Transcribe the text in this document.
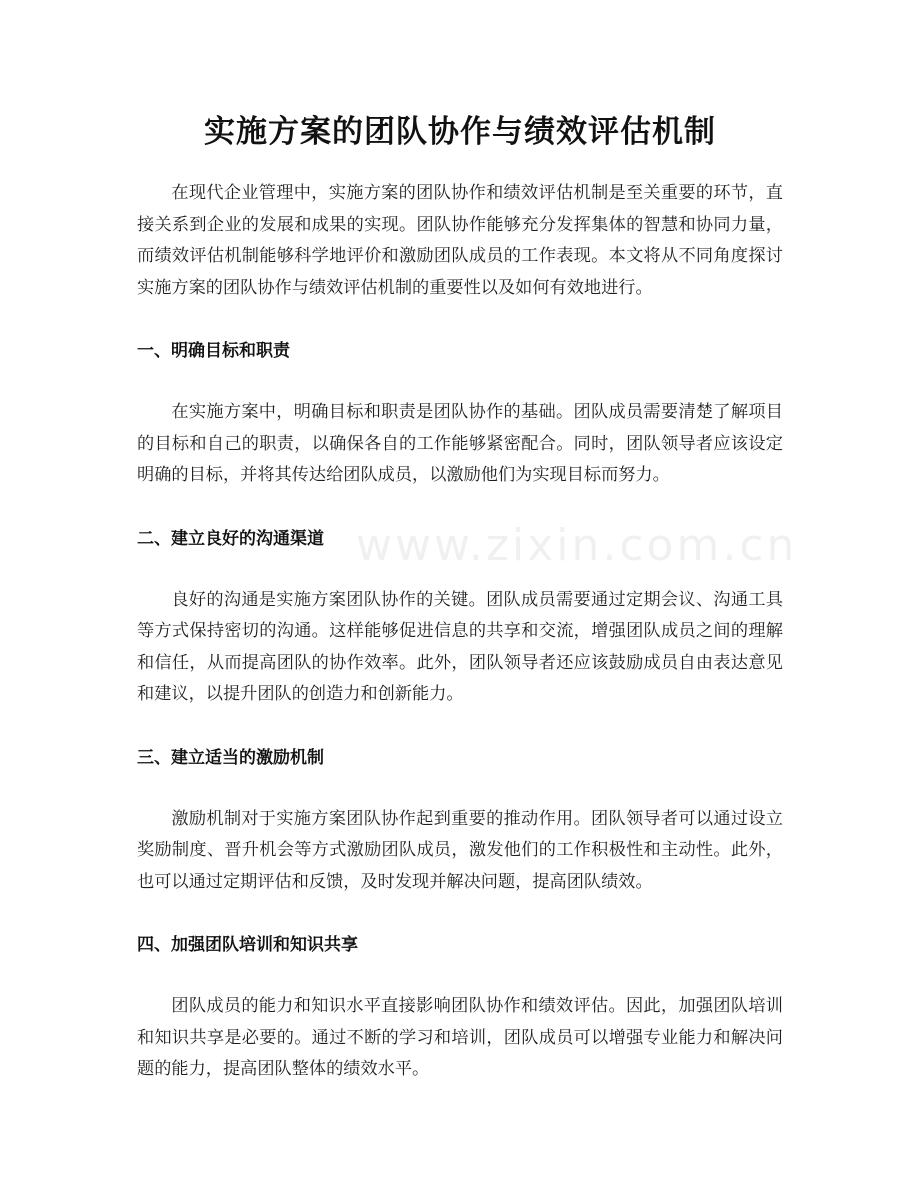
实施方案的团队协作与绩效评估机制

在现代企业管理中，实施方案的团队协作和绩效评估机制是至关重要的环节，直接关系到企业的发展和成果的实现。团队协作能够充分发挥集体的智慧和协同力量，而绩效评估机制能够科学地评价和激励团队成员的工作表现。本文将从不同角度探讨实施方案的团队协作与绩效评估机制的重要性以及如何有效地进行。

一、明确目标和职责

在实施方案中，明确目标和职责是团队协作的基础。团队成员需要清楚了解项目的目标和自己的职责，以确保各自的工作能够紧密配合。同时，团队领导者应该设定明确的目标，并将其传达给团队成员，以激励他们为实现目标而努力。

二、建立良好的沟通渠道

良好的沟通是实施方案团队协作的关键。团队成员需要通过定期会议、沟通工具等方式保持密切的沟通。这样能够促进信息的共享和交流，增强团队成员之间的理解和信任，从而提高团队的协作效率。此外，团队领导者还应该鼓励成员自由表达意见和建议，以提升团队的创造力和创新能力。

三、建立适当的激励机制

激励机制对于实施方案团队协作起到重要的推动作用。团队领导者可以通过设立奖励制度、晋升机会等方式激励团队成员，激发他们的工作积极性和主动性。此外，也可以通过定期评估和反馈，及时发现并解决问题，提高团队绩效。

四、加强团队培训和知识共享

团队成员的能力和知识水平直接影响团队协作和绩效评估。因此，加强团队培训和知识共享是必要的。通过不断的学习和培训，团队成员可以增强专业能力和解决问题的能力，提高团队整体的绩效水平。

www.zixin.com.cn
